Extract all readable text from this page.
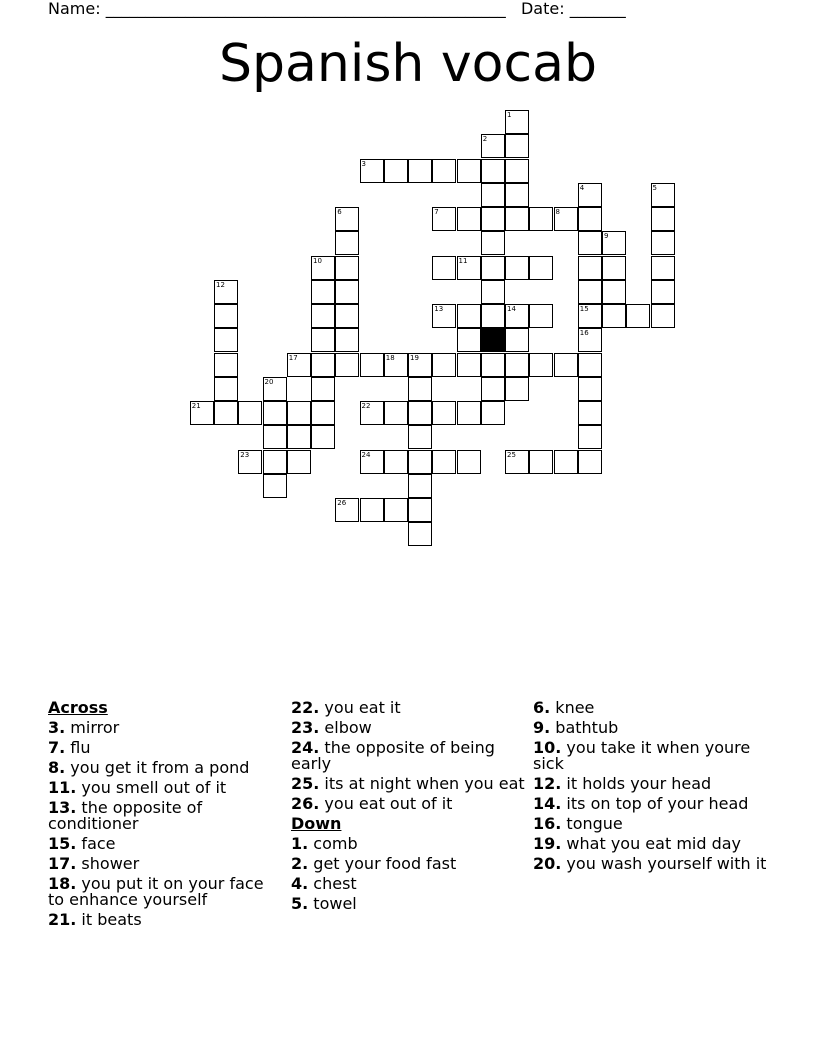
Name: __________________________________________________ Date: _______
Spanish vocab
1
2
3
4	5
6	7	8
9
10	11
12
13	14	15
16
17	18 19
20
21	22
23	24	25
26
Across
3. mirror
7. flu
8. you get it from a pond
11. you smell out of it
13. the opposite of conditioner
15. face
17. shower
18. you put it on your face to enhance yourself
21. it beats
22. you eat it
23. elbow
24. the opposite of being early
25. its at night when you eat
26. you eat out of it
Down
1. comb
2. get your food fast
4. chest
5. towel
6. knee
9. bathtub
10. you take it when youre sick
12. it holds your head
14. its on top of your head
16. tongue
19. what you eat mid day
20. you wash yourself with it
